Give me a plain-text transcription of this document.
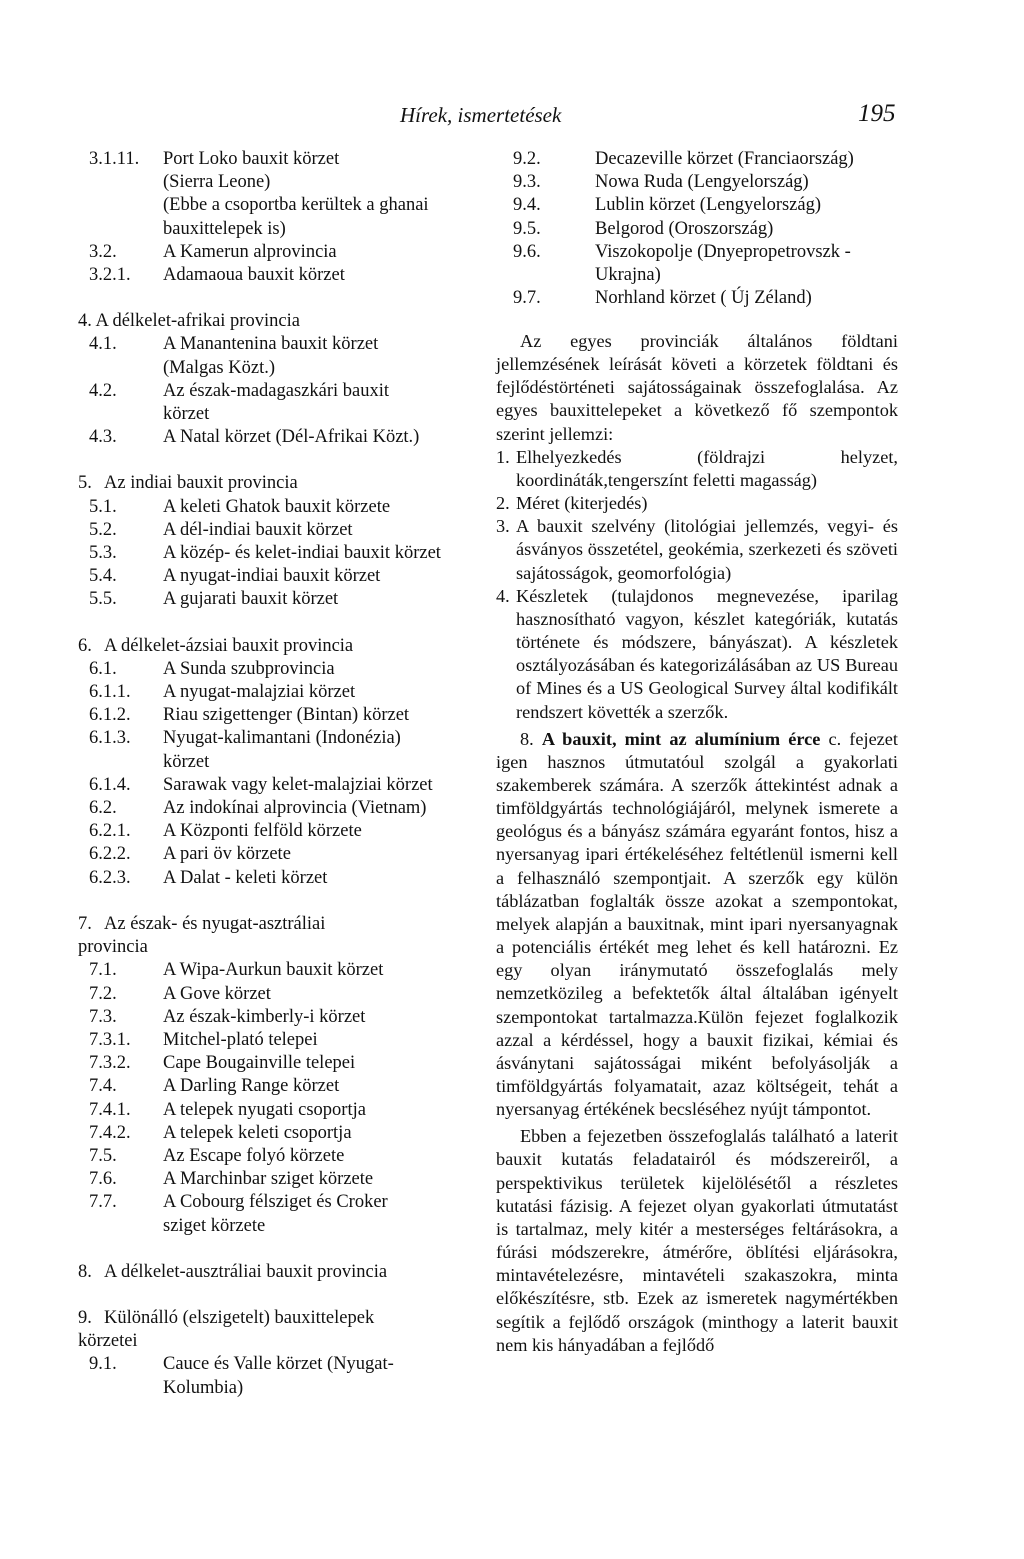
Hírek, ismertetések	195
3.1.11.	Port Loko bauxit körzet
(Sierra Leone)
(Ebbe a csoportba kerültek a ghanai
bauxittelepek is)
3.2.	A Kamerun alprovincia
3.2.1.	Adamaoua bauxit körzet
4. A délkelet-afrikai provincia
4.1.	A Manantenina bauxit körzet
(Malgas Közt.)
4.2.	Az észak-madagaszkári bauxit
körzet
4.3.	A Natal körzet (Dél-Afrikai Közt.)
5. Az indiai bauxit provincia
5.1.	A keleti Ghatok bauxit körzete
5.2.	A dél-indiai bauxit körzet
5.3.	A közép- és kelet-indiai bauxit körzet
5.4.	A nyugat-indiai bauxit körzet
5.5.	A gujarati bauxit körzet
6. A délkelet-ázsiai bauxit provincia
6.1.	A Sunda szubprovincia
6.1.1.	A nyugat-malajziai körzet
6.1.2.	Riau szigettenger (Bintan) körzet
6.1.3.	Nyugat-kalimantani (Indonézia)
körzet
6.1.4.	Sarawak vagy kelet-malajziai körzet
6.2.	Az indokínai alprovincia (Vietnam)
6.2.1.	A Központi felföld körzete
6.2.2.	A pari öv körzete
6.2.3.	A Dalat - keleti körzet
7. Az észak- és nyugat-asztráliai
provincia
7.1.	A Wipa-Aurkun bauxit körzet
7.2.	A Gove körzet
7.3.	Az észak-kimberly-i körzet
7.3.1.	Mitchel-plató telepei
7.3.2.	Cape Bougainville telepei
7.4.	A Darling Range körzet
7.4.1.	A telepek nyugati csoportja
7.4.2.	A telepek keleti csoportja
7.5.	Az Escape folyó körzete
7.6.	A Marchinbar sziget körzete
7.7.	A Cobourg félsziget és Croker
sziget körzete
8. A délkelet-ausztráliai bauxit provincia
9. Különálló (elszigetelt) bauxittelepek
körzetei
9.1.	Cauce és Valle körzet (Nyugat-
Kolumbia)
9.2.	Decazeville körzet (Franciaország)
9.3.	Nowa Ruda (Lengyelország)
9.4.	Lublin körzet (Lengyelország)
9.5.	Belgorod (Oroszország)
9.6.	Viszokopolje (Dnyepropetrovszk -
Ukrajna)
9.7.	Norhland körzet ( Új Zéland)

Az egyes provinciák általános földtani jellemzésének leírását követi a körzetek földtani és fejlődéstörténeti sajátosságainak összefoglalása. Az egyes bauxittelepeket a következő fő szempontok szerint jellemzi:

1. Elhelyezkedés (földrajzi helyzet, koordináták,tengerszínt feletti magasság)
2. Méret (kiterjedés)
3. A bauxit szelvény (litológiai jellemzés, vegyi- és ásványos összetétel, geokémia, szerkezeti és szöveti sajátosságok, geomorfológia)
4. Készletek (tulajdonos megnevezése, iparilag hasznosítható vagyon, készlet kategóriák, kutatás története és módszere, bányászat). A készletek osztályozásában és kategorizálásában az US Bureau of Mines és a US Geological Survey által kodifikált rendszert követték a szerzők.

8. A bauxit, mint az alumínium érce c. fejezet igen hasznos útmutatóul szolgál a gyakorlati szakemberek számára. A szerzők áttekintést adnak a timföldgyártás technológiájáról, melynek ismerete a geológus és a bányász számára egyaránt fontos, hisz a nyersanyag ipari értékeléséhez feltétlenül ismerni kell a felhasználó szempontjait. A szerzők egy külön táblázatban foglalták össze azokat a szempontokat, melyek alapján a bauxitnak, mint ipari nyersanyagnak a potenciális értékét meg lehet és kell határozni. Ez egy olyan iránymutató összefoglalás mely nemzetközileg a befektetők által általában igényelt szempontokat tartalmazza.Külön fejezet foglalkozik azzal a kérdéssel, hogy a bauxit fizikai, kémiai és ásványtani sajátosságai miként befolyásolják a timföldgyártás folyamatait, azaz költségeit, tehát a nyersanyag értékének becsléséhez nyújt támpontot.

Ebben a fejezetben összefoglalás található a laterit bauxit kutatás feladatairól és módszereiről, a perspektivikus területek kijelölésétől a részletes kutatási fázisig. A fejezet olyan gyakorlati útmutatást is tartalmaz, mely kitér a mesterséges feltárásokra, a fúrási módszerekre, átmérőre, öblítési eljárásokra, mintavételezésre, mintavételi szakaszokra, minta előkészítésre, stb. Ezek az ismeretek nagymértékben segítik a fejlődő országok (minthogy a laterit bauxit nem kis hányadában a fejlődő
